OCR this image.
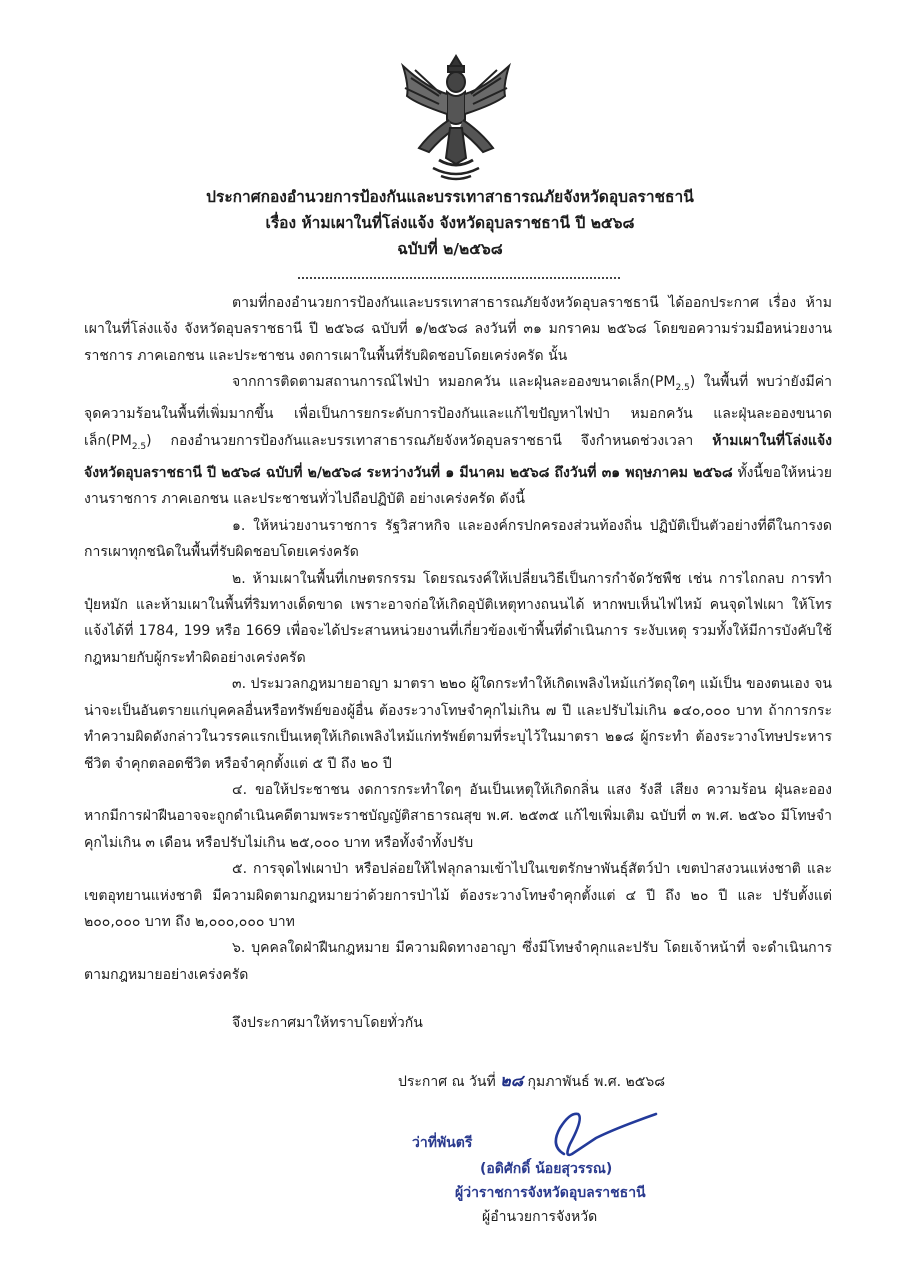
ประกาศกองอำนวยการป้องกันและบรรเทาสาธารณภัยจังหวัดอุบลราชธานี
เรื่อง ห้ามเผาในที่โล่งแจ้ง จังหวัดอุบลราชธานี ปี ๒๕๖๘
ฉบับที่ ๒/๒๕๖๘

ตามที่กองอำนวยการป้องกันและบรรเทาสาธารณภัยจังหวัดอุบลราชธานี ได้ออกประกาศ เรื่อง ห้ามเผาในที่โล่งแจ้ง จังหวัดอุบลราชธานี ปี ๒๕๖๘ ฉบับที่ ๑/๒๕๖๘ ลงวันที่ ๓๑ มกราคม ๒๕๖๘ โดยขอความร่วมมือหน่วยงานราชการ ภาคเอกชน และประชาชน งดการเผาในพื้นที่รับผิดชอบโดยเคร่งครัด นั้น

จากการติดตามสถานการณ์ไฟป่า หมอกควัน และฝุ่นละอองขนาดเล็ก$(PM_{2.5})$ ในพื้นที่ พบว่ายังมีค่าจุดความร้อนในพื้นที่เพิ่มมากขึ้น เพื่อเป็นการยกระดับการป้องกันและแก้ไขปัญหาไฟป่า หมอกควัน และฝุ่นละอองขนาดเล็ก$(PM_{2.5})$ กองอำนวยการป้องกันและบรรเทาสาธารณภัยจังหวัดอุบลราชธานี จึงกำหนดช่วงเวลา ห้ามเผาในที่โล่งแจ้ง จังหวัดอุบลราชธานี ปี ๒๕๖๘ ฉบับที่ ๒/๒๕๖๘ ระหว่างวันที่ ๑ มีนาคม ๒๕๖๘ ถึงวันที่ ๓๑ พฤษภาคม ๒๕๖๘ ทั้งนี้ขอให้หน่วยงานราชการ ภาคเอกชน และประชาชนทั่วไปถือปฏิบัติ อย่างเคร่งครัด ดังนี้

๑. ให้หน่วยงานราชการ รัฐวิสาหกิจ และองค์กรปกครองส่วนท้องถิ่น ปฏิบัติเป็นตัวอย่างที่ดีในการงดการเผาทุกชนิดในพื้นที่รับผิดชอบโดยเคร่งครัด

๒. ห้ามเผาในพื้นที่เกษตรกรรม โดยรณรงค์ให้เปลี่ยนวิธีเป็นการกำจัดวัชพืช เช่น การไถกลบ การทำปุ๋ยหมัก และห้ามเผาในพื้นที่ริมทางเด็ดขาด เพราะอาจก่อให้เกิดอุบัติเหตุทางถนนได้ หากพบเห็นไฟไหม้ คนจุดไฟเผา ให้โทรแจ้งได้ที่ 1784, 199 หรือ 1669 เพื่อจะได้ประสานหน่วยงานที่เกี่ยวข้องเข้าพื้นที่ดำเนินการ ระงับเหตุ รวมทั้งให้มีการบังคับใช้กฎหมายกับผู้กระทำผิดอย่างเคร่งครัด

๓. ประมวลกฎหมายอาญา มาตรา ๒๒๐ ผู้ใดกระทำให้เกิดเพลิงไหม้แก่วัตถุใดๆ แม้เป็น ของตนเอง จนน่าจะเป็นอันตรายแก่บุคคลอื่นหรือทรัพย์ของผู้อื่น ต้องระวางโทษจำคุกไม่เกิน ๗ ปี และปรับไม่เกิน ๑๔๐,๐๐๐ บาท ถ้าการกระทำความผิดดังกล่าวในวรรคแรกเป็นเหตุให้เกิดเพลิงไหม้แก่ทรัพย์ตามที่ระบุไว้ในมาตรา ๒๑๘ ผู้กระทำ ต้องระวางโทษประหารชีวิต จำคุกตลอดชีวิต หรือจำคุกตั้งแต่ ๕ ปี ถึง ๒๐ ปี

๔. ขอให้ประชาชน งดการกระทำใดๆ อันเป็นเหตุให้เกิดกลิ่น แสง รังสี เสียง ความร้อน ฝุ่นละออง หากมีการฝ่าฝืนอาจจะถูกดำเนินคดีตามพระราชบัญญัติสาธารณสุข พ.ศ. ๒๕๓๕ แก้ไขเพิ่มเติม ฉบับที่ ๓ พ.ศ. ๒๕๖๐ มีโทษจำคุกไม่เกิน ๓ เดือน หรือปรับไม่เกิน ๒๕,๐๐๐ บาท หรือทั้งจำทั้งปรับ

๕. การจุดไฟเผาป่า หรือปล่อยให้ไฟลุกลามเข้าไปในเขตรักษาพันธุ์สัตว์ป่า เขตป่าสงวนแห่งชาติ และเขตอุทยานแห่งชาติ มีความผิดตามกฎหมายว่าด้วยการป่าไม้ ต้องระวางโทษจำคุกตั้งแต่ ๔ ปี ถึง ๒๐ ปี และ ปรับตั้งแต่ ๒๐๐,๐๐๐ บาท ถึง ๒,๐๐๐,๐๐๐ บาท

๖. บุคคลใดฝ่าฝืนกฎหมาย มีความผิดทางอาญา ซึ่งมีโทษจำคุกและปรับ โดยเจ้าหน้าที่ จะดำเนินการตามกฎหมายอย่างเคร่งครัด

จึงประกาศมาให้ทราบโดยทั่วกัน
ประกาศ ณ วันที่ ๒๘ กุมภาพันธ์ พ.ศ. ๒๕๖๘
ว่าที่พันตรี
(อดิศักดิ์ น้อยสุวรรณ)
ผู้ว่าราชการจังหวัดอุบลราชธานี
ผู้อำนวยการจังหวัด
